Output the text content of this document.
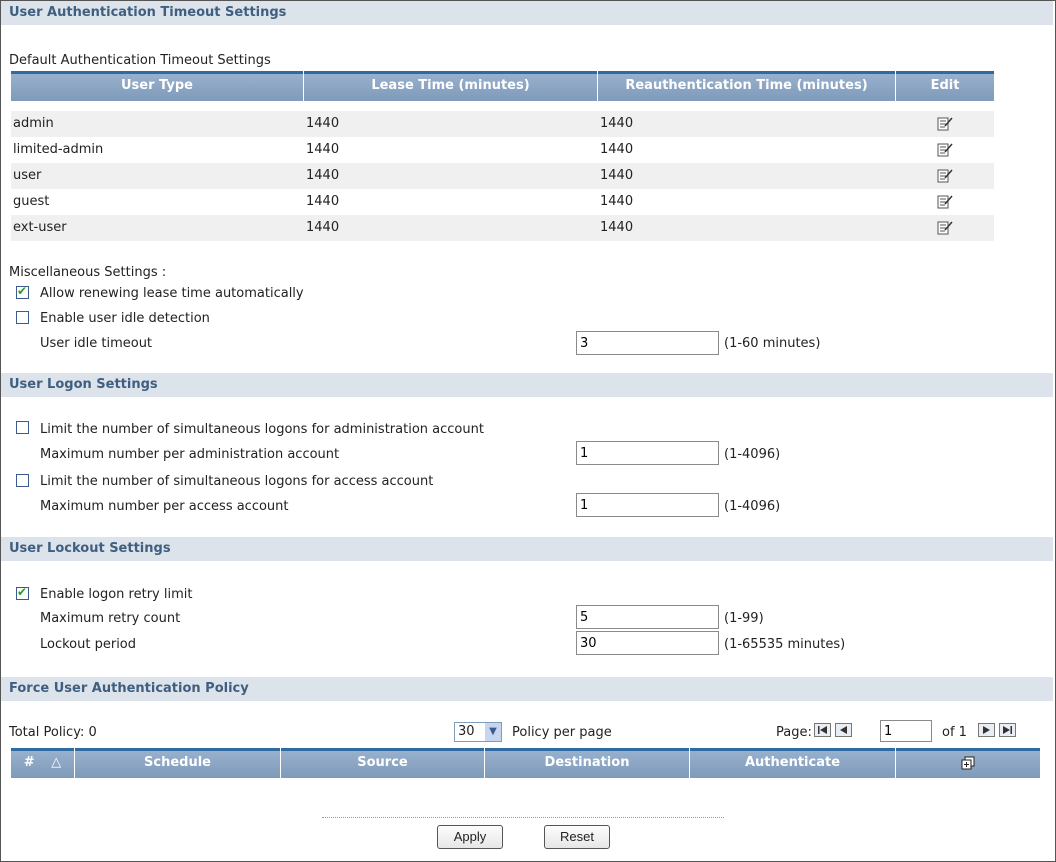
User Authentication Timeout Settings
Default Authentication Timeout Settings
User Type	Lease Time (minutes)	Reauthentication Time (minutes)	Edit
admin	1440	1440
limited-admin	1440	1440
user	1440	1440
guest	1440	1440
ext-user	1440	1440
Miscellaneous Settings :
✔
Allow renewing lease time automatically
Enable user idle detection
User idle timeout
3	(1-60 minutes)
User Logon Settings
Limit the number of simultaneous logons for administration account
Maximum number per administration account
1	(1-4096)
Limit the number of simultaneous logons for access account
Maximum number per access account
1	(1-4096)
User Lockout Settings
✔
Enable logon retry limit
Maximum retry count
5	(1-99)
Lockout period
30	(1-65535 minutes)
Force User Authentication Policy
Total Policy: 0	30	▼	Policy per page	Page:
1	of 1
# △	Schedule	Source	Destination	Authenticate
Apply	Reset
